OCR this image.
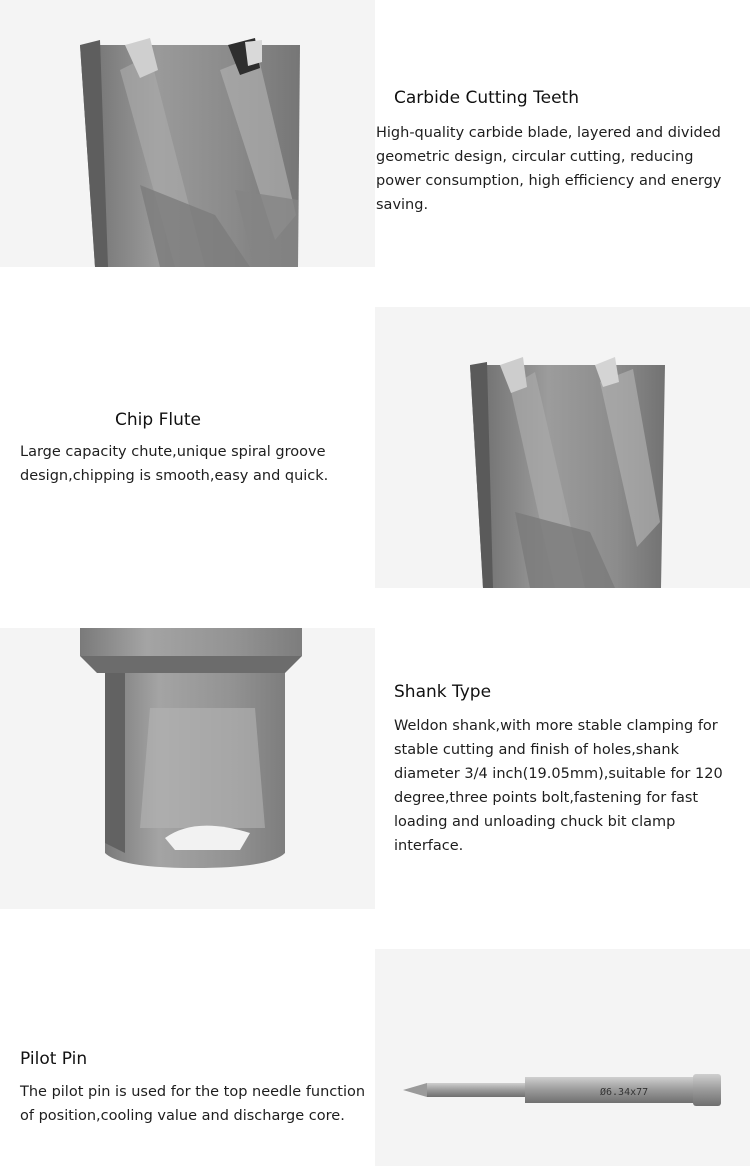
Carbide Cutting Teeth

High-quality carbide blade, layered and divided geometric design, circular cutting, reducing power consumption, high efficiency and energy saving.

Chip Flute

Large capacity chute,unique spiral groove design,chipping is smooth,easy and quick.

Shank Type

Weldon shank,with more stable clamping for stable cutting and finish of holes,shank diameter 3/4 inch(19.05mm),suitable for 120 degree,three points bolt,fastening for fast loading and unloading chuck bit clamp interface.

Pilot Pin

The pilot pin is used for the top needle function of position,cooling value and discharge core.

Ø6.34x77
